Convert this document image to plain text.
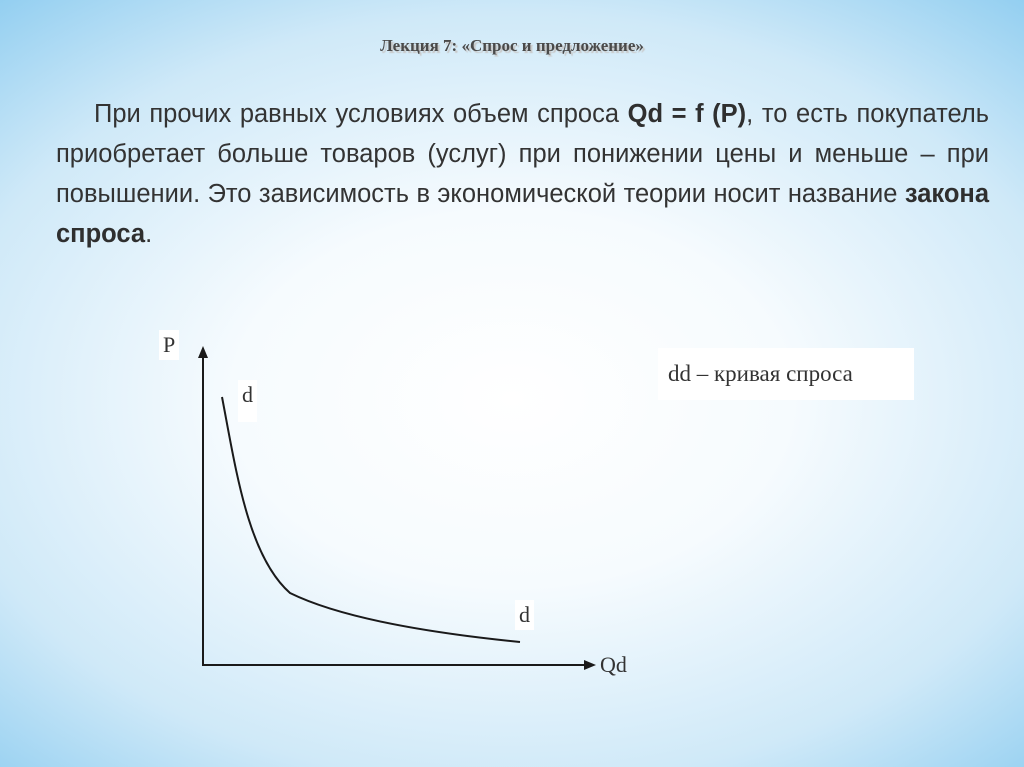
Лекция 7: «Спрос и предложение»

При прочих равных условиях объем спроса Qd = f (P), то есть покупатель приобретает больше товаров (услуг) при понижении цены и меньше – при повышении. Это зависимость в экономической теории носит название закона спроса.

P
d
d
Qd
dd – кривая спроса
